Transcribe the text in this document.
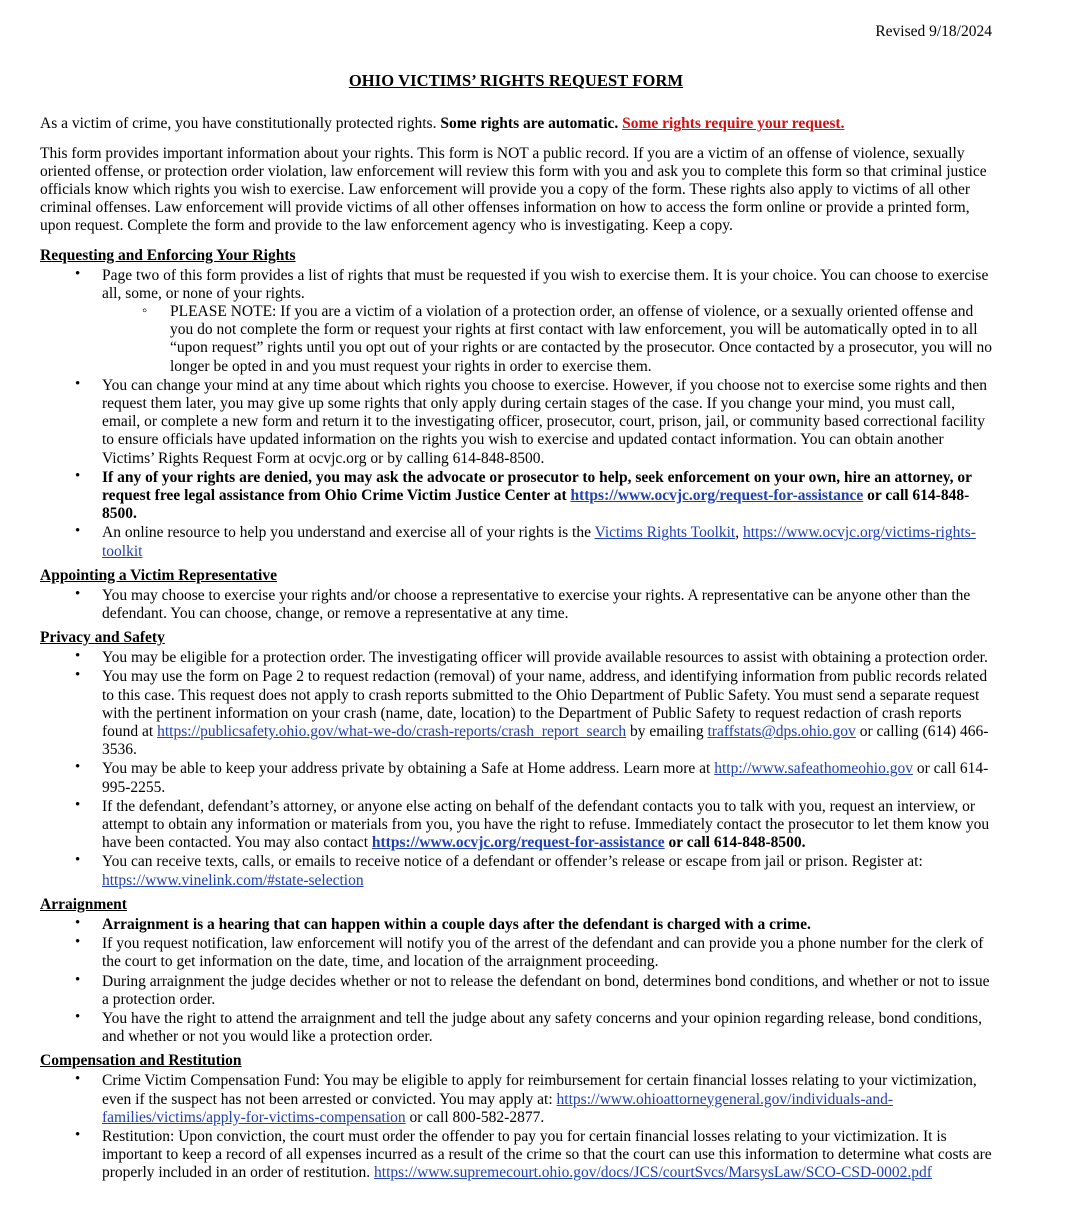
Revised 9/18/2024
OHIO VICTIMS’ RIGHTS REQUEST FORM

As a victim of crime, you have constitutionally protected rights. Some rights are automatic. Some rights require your request.

This form provides important information about your rights. This form is NOT a public record. If you are a victim of an offense of violence, sexually oriented offense, or protection order violation, law enforcement will review this form with you and ask you to complete this form so that criminal justice officials know which rights you wish to exercise. Law enforcement will provide you a copy of the form. These rights also apply to victims of all other criminal offenses. Law enforcement will provide victims of all other offenses information on how to access the form online or provide a printed form, upon request. Complete the form and provide to the law enforcement agency who is investigating. Keep a copy.

Requesting and Enforcing Your Rights
• Page two of this form provides a list of rights that must be requested if you wish to exercise them. It is your choice. You can choose to exercise all, some, or none of your rights.
◦ PLEASE NOTE: If you are a victim of a violation of a protection order, an offense of violence, or a sexually oriented offense and you do not complete the form or request your rights at first contact with law enforcement, you will be automatically opted in to all “upon request” rights until you opt out of your rights or are contacted by the prosecutor. Once contacted by a prosecutor, you will no longer be opted in and you must request your rights in order to exercise them.
• You can change your mind at any time about which rights you choose to exercise. However, if you choose not to exercise some rights and then request them later, you may give up some rights that only apply during certain stages of the case. If you change your mind, you must call, email, or complete a new form and return it to the investigating officer, prosecutor, court, prison, jail, or community based correctional facility to ensure officials have updated information on the rights you wish to exercise and updated contact information. You can obtain another Victims’ Rights Request Form at ocvjc.org or by calling 614-848-8500.
• If any of your rights are denied, you may ask the advocate or prosecutor to help, seek enforcement on your own, hire an attorney, or request free legal assistance from Ohio Crime Victim Justice Center at https://www.ocvjc.org/request-for-assistance or call 614-848-8500.
• An online resource to help you understand and exercise all of your rights is the Victims Rights Toolkit, https://www.ocvjc.org/victims-rights-toolkit
Appointing a Victim Representative
• You may choose to exercise your rights and/or choose a representative to exercise your rights. A representative can be anyone other than the defendant. You can choose, change, or remove a representative at any time.
Privacy and Safety
• You may be eligible for a protection order. The investigating officer will provide available resources to assist with obtaining a protection order.
• You may use the form on Page 2 to request redaction (removal) of your name, address, and identifying information from public records related to this case. This request does not apply to crash reports submitted to the Ohio Department of Public Safety. You must send a separate request with the pertinent information on your crash (name, date, location) to the Department of Public Safety to request redaction of crash reports found at https://publicsafety.ohio.gov/what-we-do/crash-reports/crash_report_search by emailing traffstats@dps.ohio.gov or calling (614) 466-3536.
• You may be able to keep your address private by obtaining a Safe at Home address. Learn more at http://www.safeathomeohio.gov or call 614-995-2255.
• If the defendant, defendant’s attorney, or anyone else acting on behalf of the defendant contacts you to talk with you, request an interview, or attempt to obtain any information or materials from you, you have the right to refuse. Immediately contact the prosecutor to let them know you have been contacted. You may also contact https://www.ocvjc.org/request-for-assistance or call 614-848-8500.
• You can receive texts, calls, or emails to receive notice of a defendant or offender’s release or escape from jail or prison. Register at: https://www.vinelink.com/#state-selection
Arraignment
• Arraignment is a hearing that can happen within a couple days after the defendant is charged with a crime.
• If you request notification, law enforcement will notify you of the arrest of the defendant and can provide you a phone number for the clerk of the court to get information on the date, time, and location of the arraignment proceeding.
• During arraignment the judge decides whether or not to release the defendant on bond, determines bond conditions, and whether or not to issue a protection order.
• You have the right to attend the arraignment and tell the judge about any safety concerns and your opinion regarding release, bond conditions, and whether or not you would like a protection order.
Compensation and Restitution
• Crime Victim Compensation Fund: You may be eligible to apply for reimbursement for certain financial losses relating to your victimization, even if the suspect has not been arrested or convicted. You may apply at: https://www.ohioattorneygeneral.gov/individuals-and-families/victims/apply-for-victims-compensation or call 800-582-2877.
• Restitution: Upon conviction, the court must order the offender to pay you for certain financial losses relating to your victimization. It is important to keep a record of all expenses incurred as a result of the crime so that the court can use this information to determine what costs are properly included in an order of restitution. https://www.supremecourt.ohio.gov/docs/JCS/courtSvcs/MarsysLaw/SCO-CSD-0002.pdf
